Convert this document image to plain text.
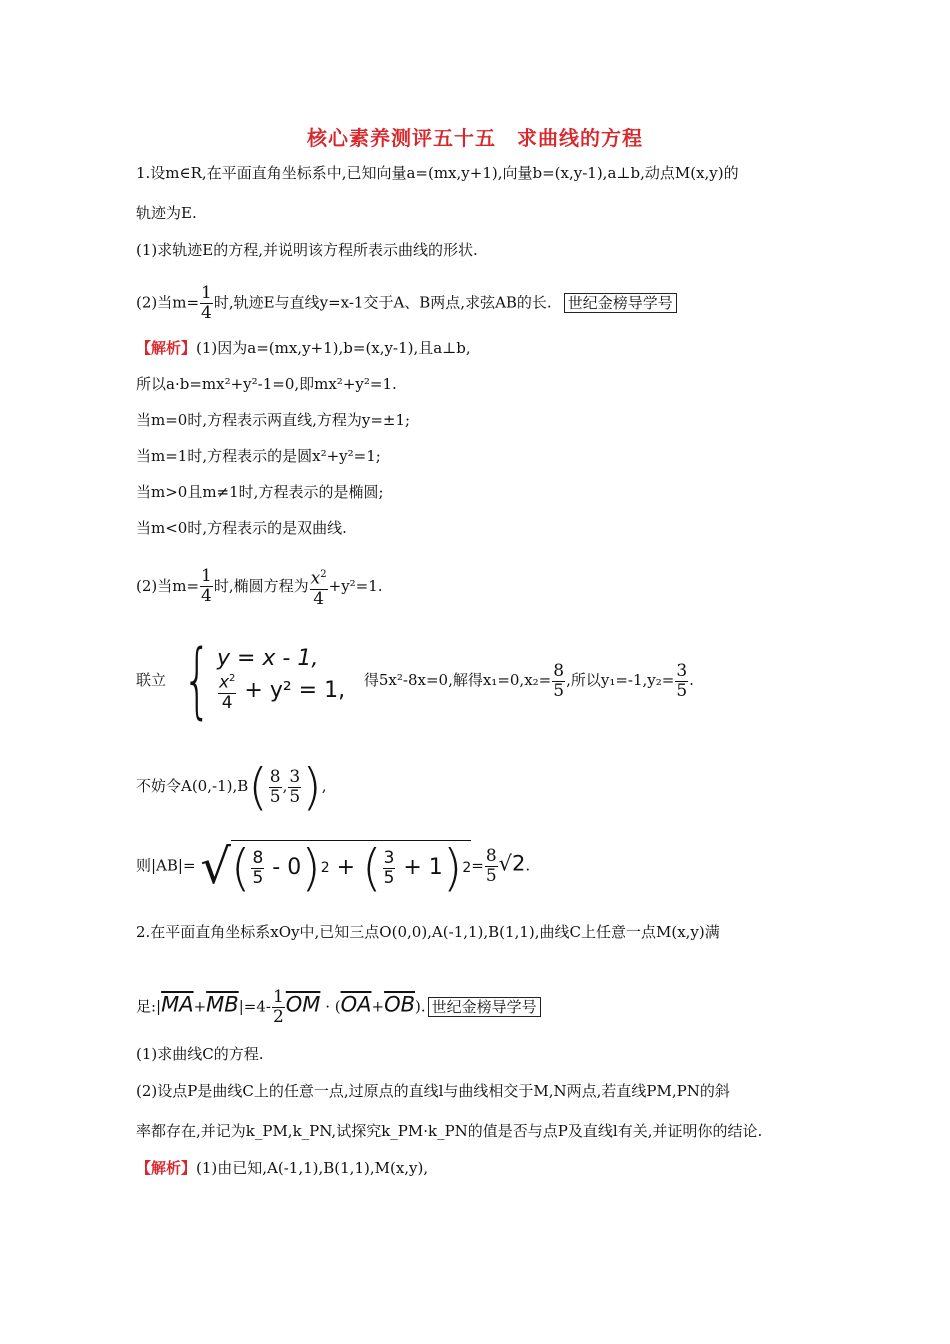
核心素养测评五十五　求曲线的方程
1.设m∈R,在平面直角坐标系中,已知向量a=(mx,y+1),向量b=(x,y-1),a⊥b,动点M(x,y)的
轨迹为E.
(1)求轨迹E的方程,并说明该方程所表示曲线的形状.
(2)当$m= \frac{1}{4}$ 时,轨迹E与直线y=x-1交于A、B两点,求弦AB的长. 世纪金榜导学号
【解析】(1)因为a=(mx,y+1),b=(x,y-1),且a⊥b,
所以a·b=mx²+y²-1=0,即mx²+y²=1.
当m=0时,方程表示两直线,方程为y=±1;
当m=1时,方程表示的是圆x²+y²=1;
当m>0且m≠1时,方程表示的是椭圆;
当m<0时,方程表示的是双曲线.
(2)当$m= \frac{1}{4}$ 时,椭圆方程为 $\frac{x^2}{4} +y^2=1$.
联立 { y = x - 1,
$\frac{x^2}{4} + y^2 = 1$, 得5x²-8x=0,解得$x_1=0,x_2= \frac{8}{5}$ ,所以$y_1=-1,y_2= \frac{3}{5}$ .
不妨令$A(0,-1),B( \frac{8}{5}$ , $\frac{3}{5}$ ),
则|AB|= √ ( $\frac{8}{5} - 0$ ) 2 + ( $\frac{3}{5} + 1$ ) $2 = \frac{8}{5} √2$.
2.在平面直角坐标系xOy中,已知三点O(0,0),A(-1,1),B(1,1),曲线C上任意一点M(x,y)满
足$:|\overline{MA}+\overline{MB}|=4- \frac{1}{2} \overline{OM} \cdot (\overline{OA}+\overline{OB})$. 世纪金榜导学号
(1)求曲线C的方程.
(2)设点P是曲线C上的任意一点,过原点的直线l与曲线相交于M,N两点,若直线PM,PN的斜
率都存在,并记为k_PM,k_PN,试探究k_PM·k_PN的值是否与点P及直线l有关,并证明你的结论.
【解析】(1)由已知,A(-1,1),B(1,1),M(x,y),
